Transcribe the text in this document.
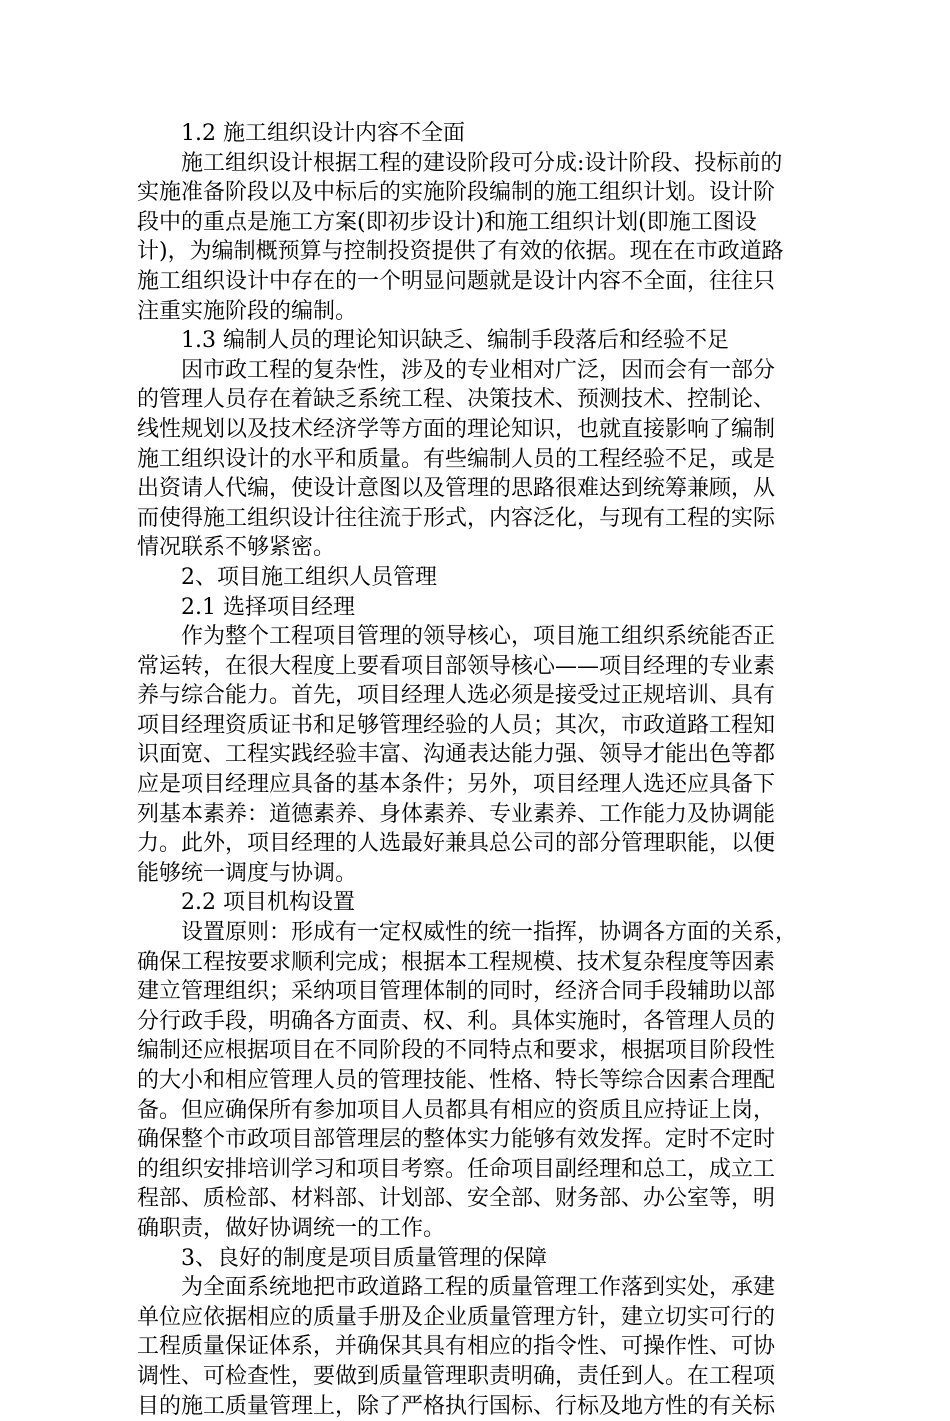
1.2 施工组织设计内容不全面
施工组织设计根据工程的建设阶段可分成:设计阶段、投标前的
实施准备阶段以及中标后的实施阶段编制的施工组织计划。设计阶
段中的重点是施工方案(即初步设计)和施工组织计划(即施工图设
计)，为编制概预算与控制投资提供了有效的依据。现在在市政道路
施工组织设计中存在的一个明显问题就是设计内容不全面，往往只
注重实施阶段的编制。
1.3 编制人员的理论知识缺乏、编制手段落后和经验不足
因市政工程的复杂性，涉及的专业相对广泛，因而会有一部分
的管理人员存在着缺乏系统工程、决策技术、预测技术、控制论、
线性规划以及技术经济学等方面的理论知识，也就直接影响了编制
施工组织设计的水平和质量。有些编制人员的工程经验不足，或是
出资请人代编，使设计意图以及管理的思路很难达到统筹兼顾，从
而使得施工组织设计往往流于形式，内容泛化，与现有工程的实际
情况联系不够紧密。
2、项目施工组织人员管理
2.1 选择项目经理
作为整个工程项目管理的领导核心，项目施工组织系统能否正
常运转，在很大程度上要看项目部领导核心——项目经理的专业素
养与综合能力。首先，项目经理人选必须是接受过正规培训、具有
项目经理资质证书和足够管理经验的人员；其次，市政道路工程知
识面宽、工程实践经验丰富、沟通表达能力强、领导才能出色等都
应是项目经理应具备的基本条件；另外，项目经理人选还应具备下
列基本素养：道德素养、身体素养、专业素养、工作能力及协调能
力。此外，项目经理的人选最好兼具总公司的部分管理职能，以便
能够统一调度与协调。
2.2 项目机构设置
设置原则：形成有一定权威性的统一指挥，协调各方面的关系，
确保工程按要求顺利完成；根据本工程规模、技术复杂程度等因素
建立管理组织；采纳项目管理体制的同时，经济合同手段辅助以部
分行政手段，明确各方面责、权、利。具体实施时，各管理人员的
编制还应根据项目在不同阶段的不同特点和要求，根据项目阶段性
的大小和相应管理人员的管理技能、性格、特长等综合因素合理配
备。但应确保所有参加项目人员都具有相应的资质且应持证上岗，
确保整个市政项目部管理层的整体实力能够有效发挥。定时不定时
的组织安排培训学习和项目考察。任命项目副经理和总工，成立工
程部、质检部、材料部、计划部、安全部、财务部、办公室等，明
确职责，做好协调统一的工作。
3、良好的制度是项目质量管理的保障
为全面系统地把市政道路工程的质量管理工作落到实处，承建
单位应依据相应的质量手册及企业质量管理方针，建立切实可行的
工程质量保证体系，并确保其具有相应的指令性、可操作性、可协
调性、可检查性，要做到质量管理职责明确，责任到人。在工程项
目的施工质量管理上，除了严格执行国标、行标及地方性的有关标
